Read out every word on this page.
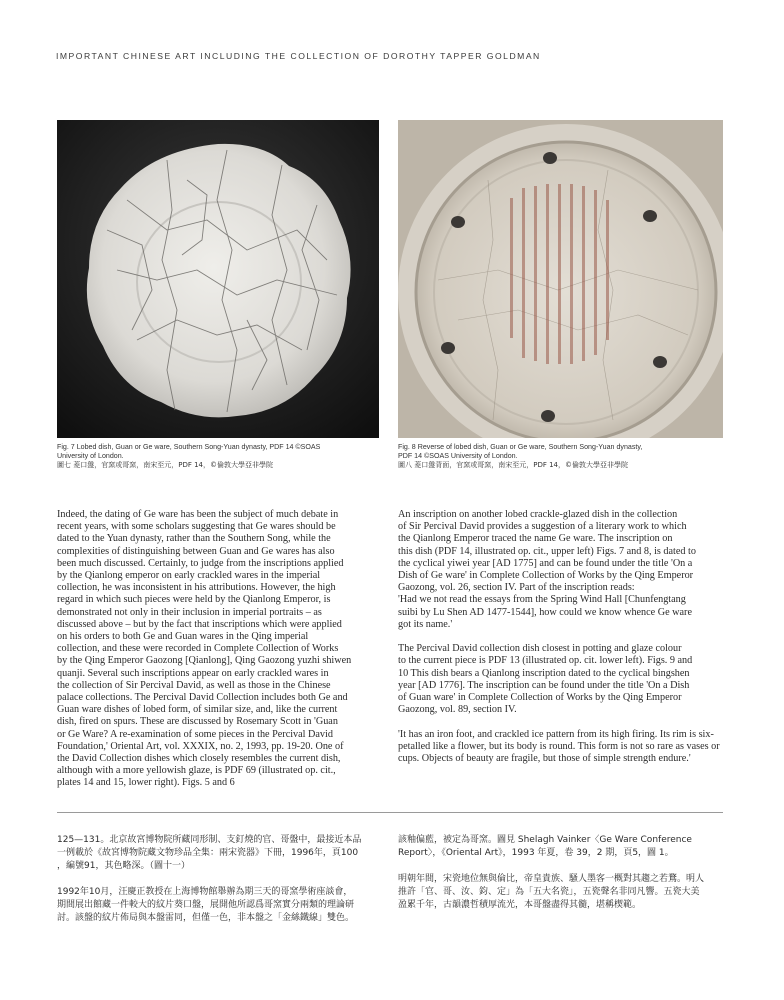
IMPORTANT CHINESE ART INCLUDING THE COLLECTION OF DOROTHY TAPPER GOLDMAN
Fig. 7 Lobed dish, Guan or Ge ware, Southern Song-Yuan dynasty, PDF 14 ©SOAS
University of London.
圖七 菱口盤，官窯或哥窯，南宋至元，PDF 14，©倫敦大學亞非學院
Fig. 8 Reverse of lobed dish, Guan or Ge ware, Southern Song-Yuan dynasty,
PDF 14 ©SOAS University of London.
圖八 菱口盤背面，官窯或哥窯，南宋至元，PDF 14，©倫敦大學亞非學院

Indeed, the dating of Ge ware has been the subject of much debate in
recent years, with some scholars suggesting that Ge wares should be
dated to the Yuan dynasty, rather than the Southern Song, while the
complexities of distinguishing between Guan and Ge wares has also
been much discussed. Certainly, to judge from the inscriptions applied
by the Qianlong emperor on early crackled wares in the imperial
collection, he was inconsistent in his attributions. However, the high
regard in which such pieces were held by the Qianlong Emperor, is
demonstrated not only in their inclusion in imperial portraits – as
discussed above – but by the fact that inscriptions which were applied
on his orders to both Ge and Guan wares in the Qing imperial
collection, and these were recorded in Complete Collection of Works
by the Qing Emperor Gaozong [Qianlong], Qing Gaozong yuzhi shiwen
quanji. Several such inscriptions appear on early crackled wares in
the collection of Sir Percival David, as well as those in the Chinese
palace collections. The Percival David Collection includes both Ge and
Guan ware dishes of lobed form, of similar size, and, like the current
dish, fired on spurs. These are discussed by Rosemary Scott in 'Guan
or Ge Ware? A re-examination of some pieces in the Percival David
Foundation,' Oriental Art, vol. XXXIX, no. 2, 1993, pp. 19-20. One of
the David Collection dishes which closely resembles the current dish,
although with a more yellowish glaze, is PDF 69 (illustrated op. cit.,
plates 14 and 15, lower right). Figs. 5 and 6

An inscription on another lobed crackle-glazed dish in the collection
of Sir Percival David provides a suggestion of a literary work to which
the Qianlong Emperor traced the name Ge ware. The inscription on
this dish (PDF 14, illustrated op. cit., upper left) Figs. 7 and 8, is dated to
the cyclical yiwei year [AD 1775] and can be found under the title 'On a
Dish of Ge ware' in Complete Collection of Works by the Qing Emperor
Gaozong, vol. 26, section IV. Part of the inscription reads:
'Had we not read the essays from the Spring Wind Hall [Chunfengtang
suibi by Lu Shen AD 1477-1544], how could we know whence Ge ware
got its name.'

The Percival David collection dish closest in potting and glaze colour
to the current piece is PDF 13 (illustrated op. cit. lower left). Figs. 9 and
10 This dish bears a Qianlong inscription dated to the cyclical bingshen
year [AD 1776]. The inscription can be found under the title 'On a Dish
of Guan ware' in Complete Collection of Works by the Qing Emperor
Gaozong, vol. 89, section IV.

'It has an iron foot, and crackled ice pattern from its high firing. Its rim is six-
petalled like a flower, but its body is round. This form is not so rare as vases or
cups. Objects of beauty are fragile, but those of simple strength endure.'

125—131。北京故宮博物院所藏同形制、支釘燒的官、哥盤中，最接近本品
一例載於《故宮博物院藏文物珍品全集：兩宋瓷器》下冊，1996年，頁100
，編號91，其色略深。（圖十一）

1992年10月，汪慶正教授在上海博物館舉辦為期三天的哥窯學術座談會，
期間展出館藏一件較大的紋片葵口盤，展開他所認爲哥窯實分兩類的理論研
討。該盤的紋片佈局與本盤雷同，但僅一色，非本盤之「金絲鐵線」雙色。

該釉偏藍，被定為哥窯。圖見 Shelagh Vainker〈Ge Ware Conference
Report〉，《Oriental Art》，1993 年夏，卷 39，2 期，頁5，圖 1。

明朝年間，宋瓷地位無與倫比，帝皇貴族、騷人墨客一概對其趨之若鶩。明人
推許「官、哥、汝、鈞、定」為「五大名瓷」，五瓷聲名非同凡響。五瓷大美
盈累千年，古韻濃哲積厚流光，本哥盤盡得其髓，堪稱楔範。
